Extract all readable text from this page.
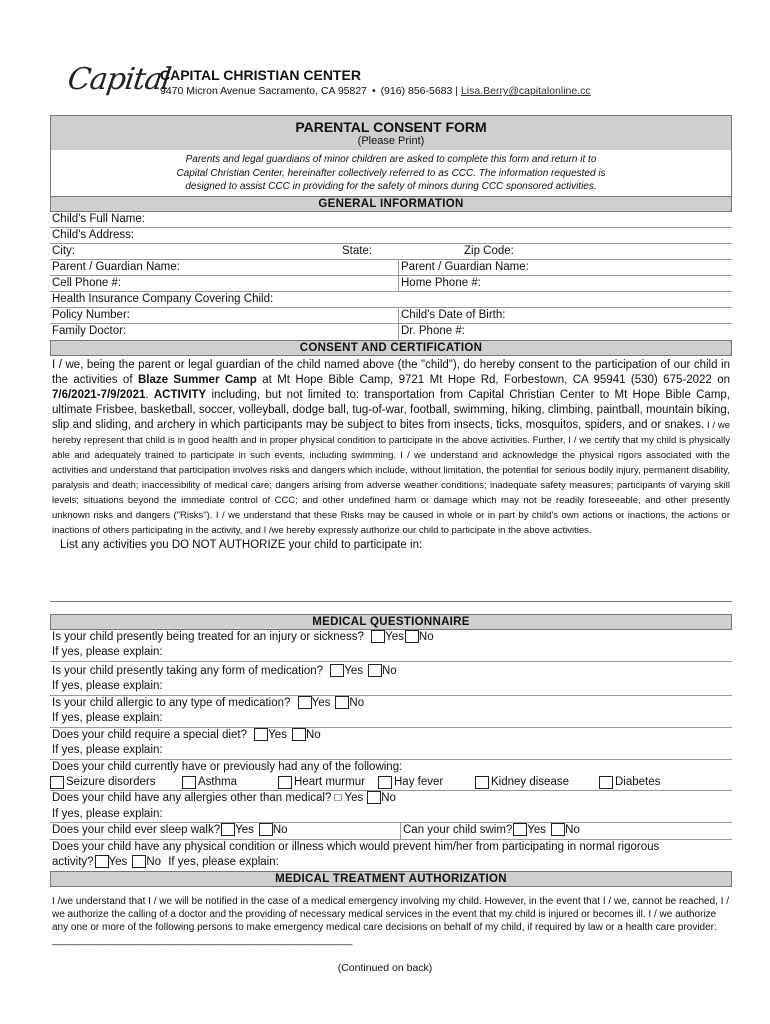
Capital
CAPITAL CHRISTIAN CENTER
9470 Micron Avenue Sacramento, CA 95827 • (916) 856-5683 | Lisa.Berry@capitalonline.cc
PARENTAL CONSENT FORM
(Please Print)
Parents and legal guardians of minor children are asked to complete this form and return it to
Capital Christian Center, hereinafter collectively referred to as CCC. The information requested is
designed to assist CCC in providing for the safety of minors during CCC sponsored activities.
GENERAL INFORMATION
Child's Full Name:
Child's Address:
City:	State:	Zip Code:
Parent / Guardian Name:	Parent / Guardian Name:
Cell Phone #:	Home Phone #:
Health Insurance Company Covering Child:
Policy Number:	Child's Date of Birth:
Family Doctor:	Dr. Phone #:
CONSENT AND CERTIFICATION
I / we, being the parent or legal guardian of the child named above (the "child"), do hereby consent to the participation of our child in the activities of Blaze Summer Camp at Mt Hope Bible Camp, 9721 Mt Hope Rd, Forbestown, CA 95941 (530) 675-2022 on 7/6/2021-7/9/2021. ACTIVITY including, but not limited to: transportation from Capital Christian Center to Mt Hope Bible Camp, ultimate Frisbee, basketball, soccer, volleyball, dodge ball, tug-of-war, football, swimming, hiking, climbing, paintball, mountain biking, slip and sliding, and archery in which participants may be subject to bites from insects, ticks, mosquitos, spiders, and or snakes. I / we hereby represent that child is in good health and in proper physical condition to participate in the above activities. Further, I / we certify that my child is physically able and adequately trained to participate in such events, including swimming. I / we understand and acknowledge the physical rigors associated with the activities and understand that participation involves risks and dangers which include, without limitation, the potential for serious bodily injury, permanent disability, paralysis and death; inaccessibility of medical care; dangers arising from adverse weather conditions; inadequate safety measures; participants of varying skill levels; situations beyond the immediate control of CCC; and other undefined harm or damage which may not be readily foreseeable, and other presently unknown risks and dangers ("Risks"). I / we understand that these Risks may be caused in whole or in part by child's own actions or inactions, the actions or inactions of others participating in the activity, and I /we hereby expressly authorize our child to participate in the above activities.
List any activities you DO NOT AUTHORIZE your child to participate in:
MEDICAL QUESTIONNAIRE
Is your child presently being treated for an injury or sickness? Yes No
If yes, please explain:
Is your child presently taking any form of medication? Yes No
If yes, please explain:
Is your child allergic to any type of medication? Yes No
If yes, please explain:
Does your child require a special diet? Yes No
If yes, please explain:
Does your child currently have or previously had any of the following:
Seizure disorders	Asthma	Heart murmur	Hay fever	Kidney disease	Diabetes
Does your child have any allergies other than medical? □ Yes No
If yes, please explain:
Does your child ever sleep walk? Yes No	Can your child swim? Yes No
Does your child have any physical condition or illness which would prevent him/her from participating in normal rigorous
activity? Yes No If yes, please explain:
MEDICAL TREATMENT AUTHORIZATION
I /we understand that I / we will be notified in the case of a medical emergency involving my child. However, in the event that I / we, cannot be reached, I / we authorize the calling of a doctor and the providing of necessary medical services in the event that my child is injured or becomes ill. I / we authorize any one or more of the following persons to make emergency medical care decisions on behalf of my child, if required by law or a health care provider: ______________________________________________________
(Continued on back)
